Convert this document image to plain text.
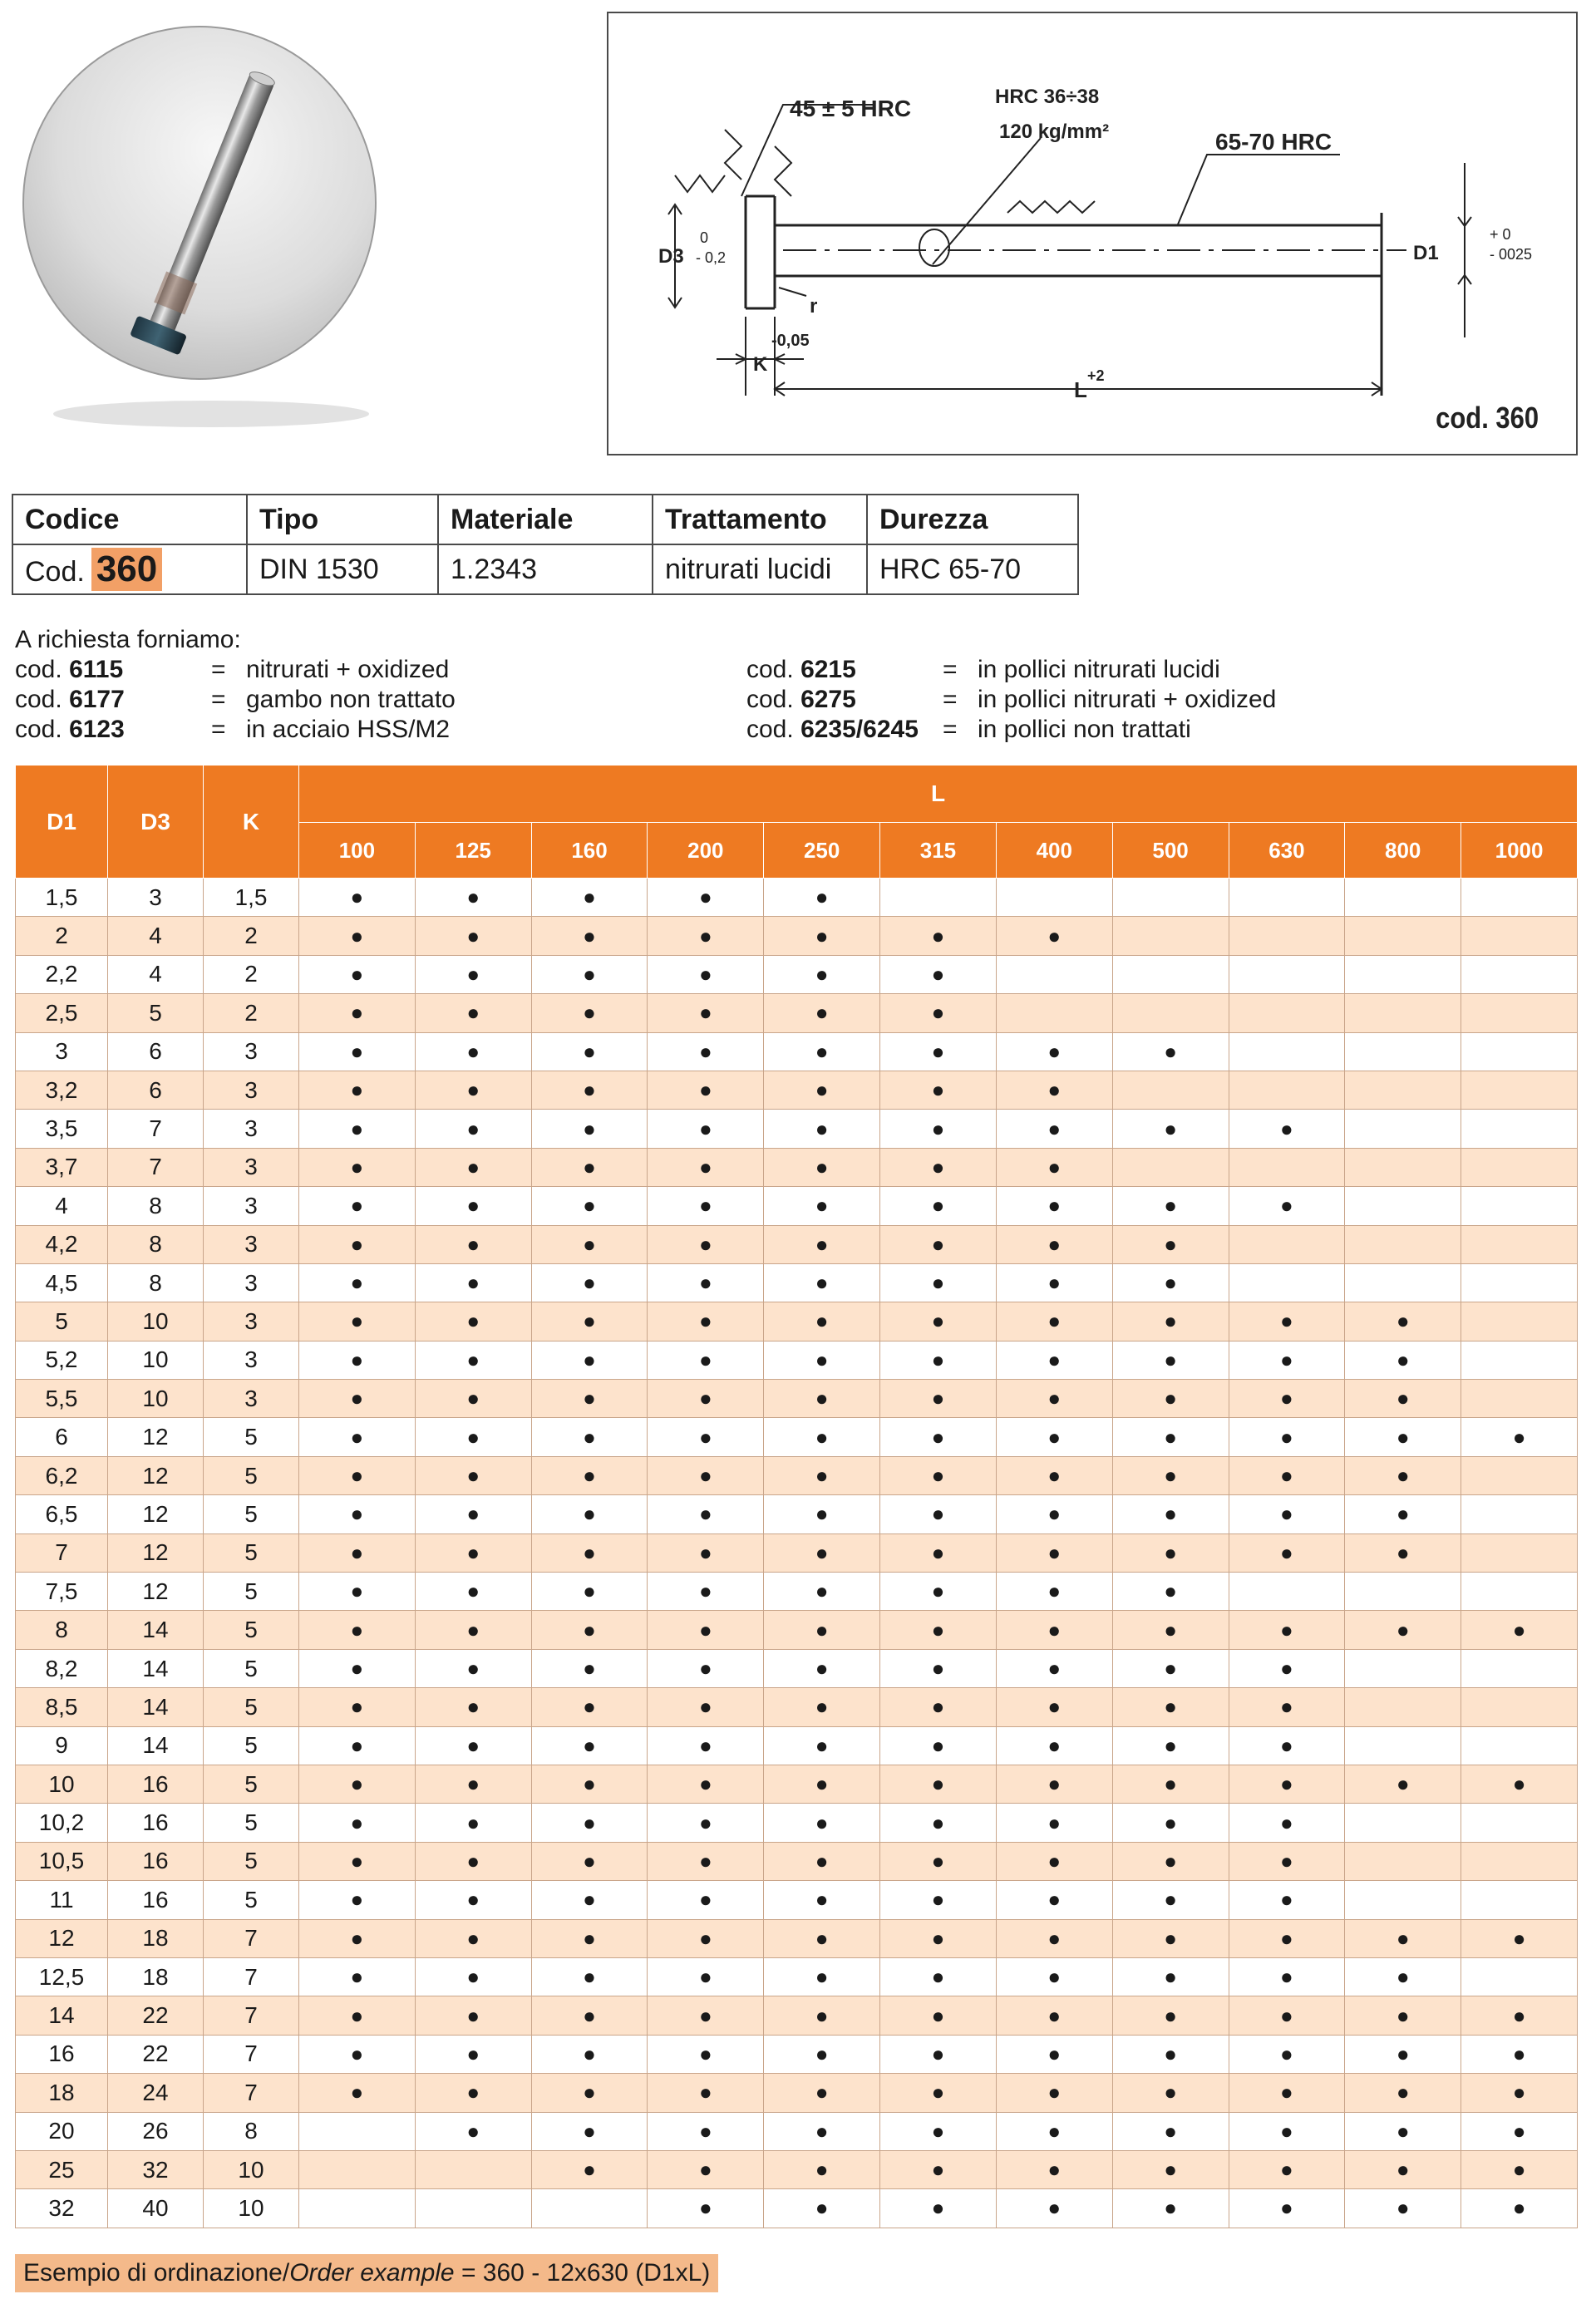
45 ± 5 HRC	HRC 36÷38
120 kg/mm²	65-70 HRC
D3
0
- 0,2	D1
+ 0
- 0025
K
-0,05
r
L
+2
cod. 360
Codice	Tipo	Materiale	Trattamento	Durezza
Cod. 360	DIN 1530	1.2343	nitrurati lucidi	HRC 65-70
A richiesta forniamo:
cod. 6115	= nitrurati + oxidized
cod. 6177	= gambo non trattato
cod. 6123	= in acciaio HSS/M2
cod. 6215	= in pollici nitrurati lucidi
cod. 6275	= in pollici nitrurati + oxidized
cod. 6235/6245 = in pollici non trattati
D1	D3	K	L										
			100	125	160	200	250	315	400	500	630	800	1000
1,5	3	1,5	●	●	●	●	●						
2	4	2	●	●	●	●	●	●	●				
2,2	4	2	●	●	●	●	●	●					
2,5	5	2	●	●	●	●	●	●					
3	6	3	●	●	●	●	●	●	●	●			
3,2	6	3	●	●	●	●	●	●	●				
3,5	7	3	●	●	●	●	●	●	●	●	●		
3,7	7	3	●	●	●	●	●	●	●				
4	8	3	●	●	●	●	●	●	●	●	●		
4,2	8	3	●	●	●	●	●	●	●	●			
4,5	8	3	●	●	●	●	●	●	●	●			
5	10	3	●	●	●	●	●	●	●	●	●	●	
5,2	10	3	●	●	●	●	●	●	●	●	●	●	
5,5	10	3	●	●	●	●	●	●	●	●	●	●	
6	12	5	●	●	●	●	●	●	●	●	●	●	●
6,2	12	5	●	●	●	●	●	●	●	●	●	●	
6,5	12	5	●	●	●	●	●	●	●	●	●	●	
7	12	5	●	●	●	●	●	●	●	●	●	●	
7,5	12	5	●	●	●	●	●	●	●	●			
8	14	5	●	●	●	●	●	●	●	●	●	●	●
8,2	14	5	●	●	●	●	●	●	●	●	●		
8,5	14	5	●	●	●	●	●	●	●	●	●		
9	14	5	●	●	●	●	●	●	●	●	●		
10	16	5	●	●	●	●	●	●	●	●	●	●	●
10,2	16	5	●	●	●	●	●	●	●	●	●		
10,5	16	5	●	●	●	●	●	●	●	●	●		
11	16	5	●	●	●	●	●	●	●	●	●		
12	18	7	●	●	●	●	●	●	●	●	●	●	●
12,5	18	7	●	●	●	●	●	●	●	●	●	●	
14	22	7	●	●	●	●	●	●	●	●	●	●	●
16	22	7	●	●	●	●	●	●	●	●	●	●	●
18	24	7	●	●	●	●	●	●	●	●	●	●	●
20	26	8		●	●	●	●	●	●	●	●	●	●
25	32	10			●	●	●	●	●	●	●	●	●
32	40	10				●	●	●	●	●	●	●	●
Esempio di ordinazione/Order example = 360 - 12x630 (D1xL)
